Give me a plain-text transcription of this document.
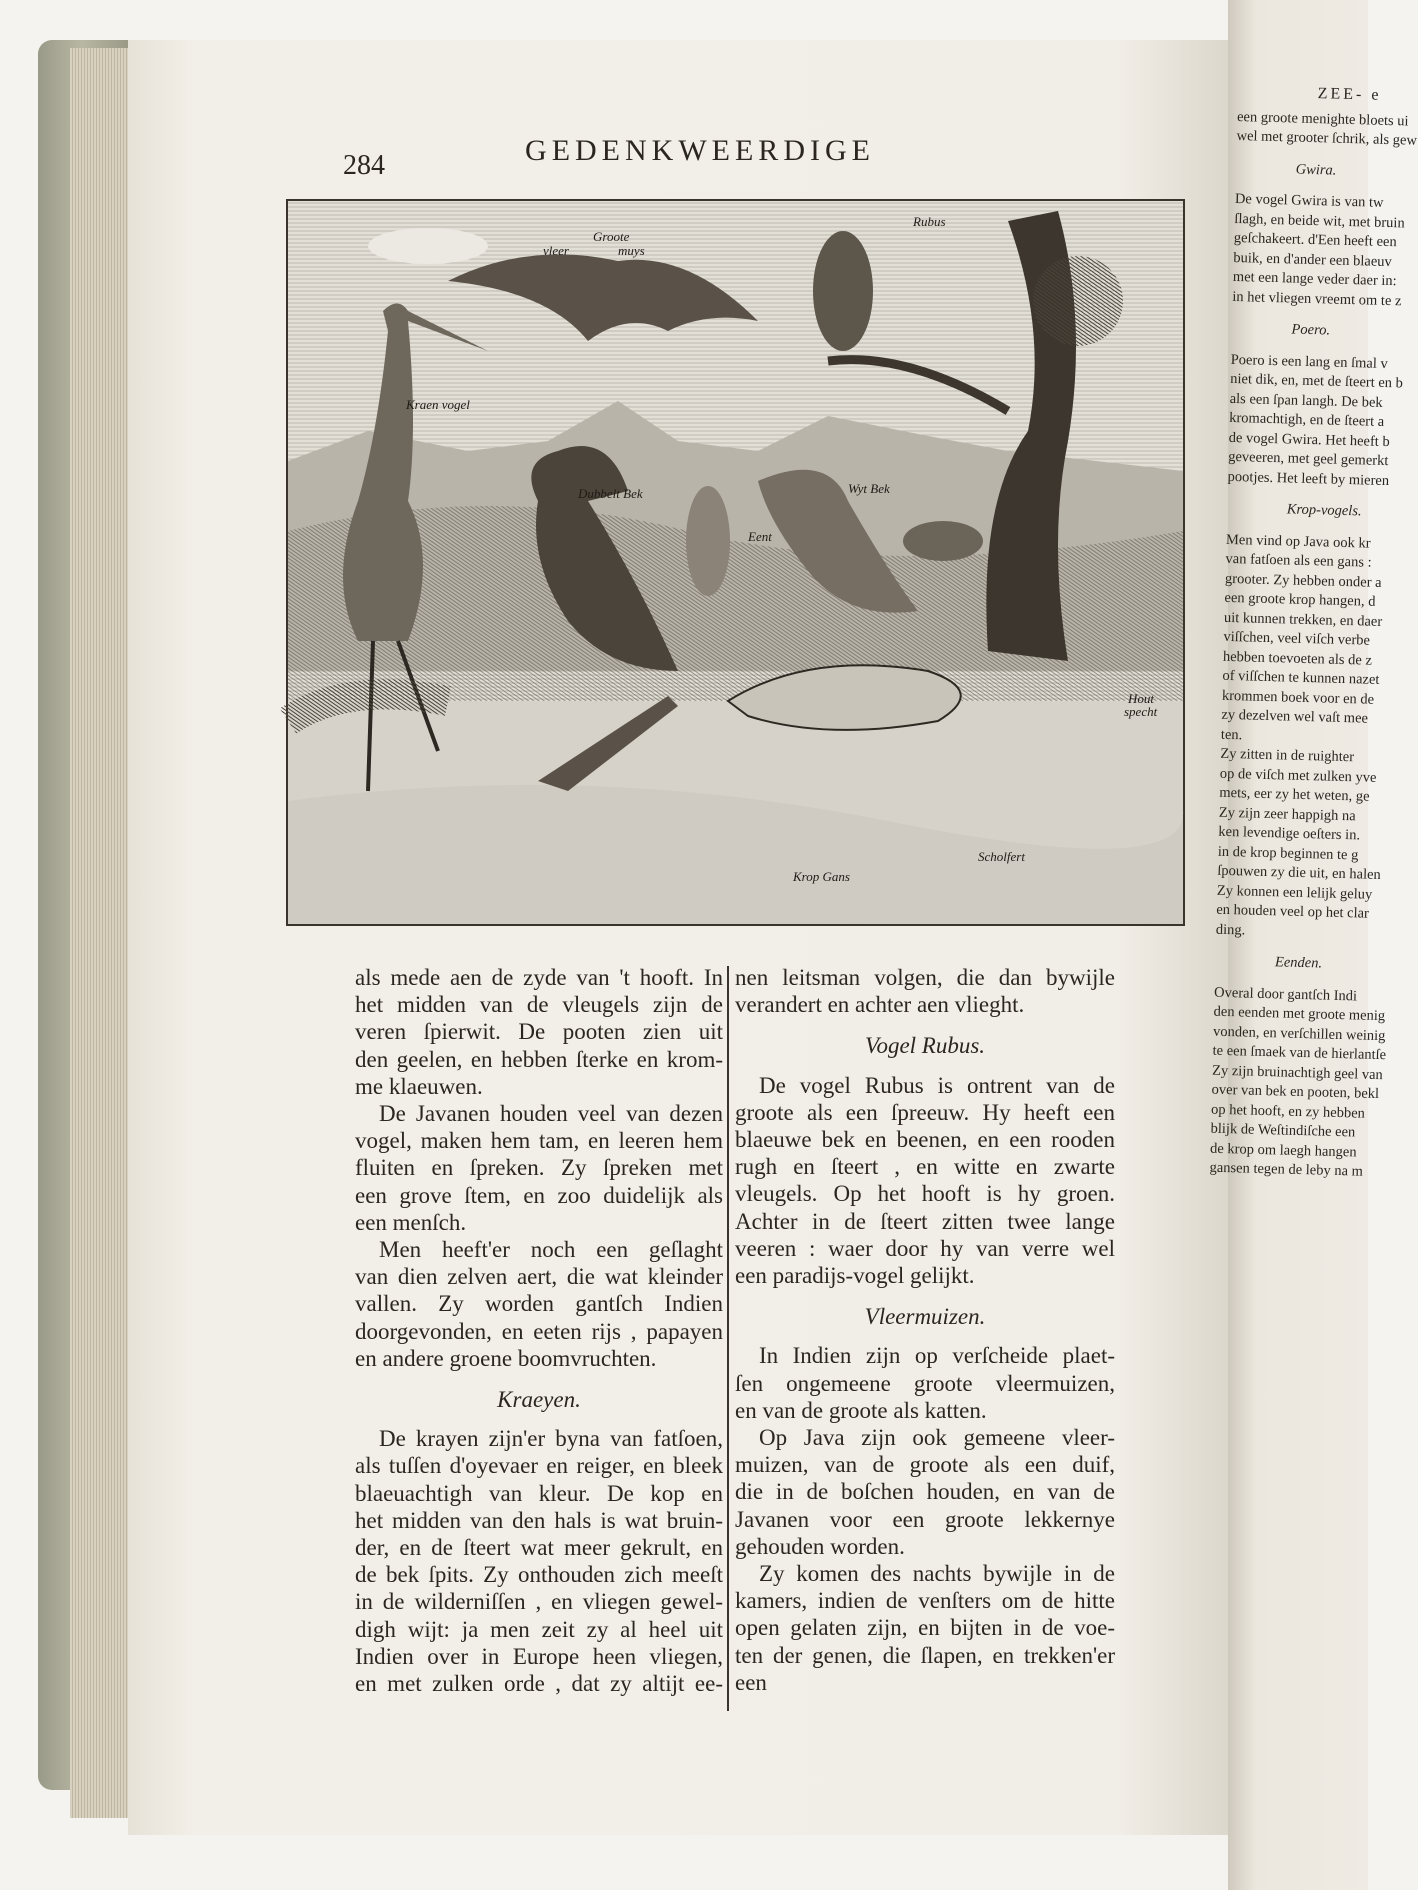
284	GEDENKWEERDIGE
Groote
vleer	muys
Rubus
Kraen vogel
Dubbelt Bek	Wyt Bek
Eent
Hout
specht
Krop Gans
Scholfert
als mede aen de zyde van 't hooft. In
het midden van de vleugels zijn de
veren ſpierwit. De pooten zien uit
den geelen, en hebben ſterke en krom-
me klaeuwen.
De Javanen houden veel van dezen
vogel, maken hem tam, en leeren hem
fluiten en ſpreken. Zy ſpreken met
een grove ſtem, en zoo duidelijk als
een menſch.
Men heeft'er noch een geſlaght
van dien zelven aert, die wat kleinder
vallen. Zy worden gantſch Indien
doorgevonden, en eeten rijs , papayen
en andere groene boomvruchten.
Kraeyen.
De krayen zijn'er byna van fatſoen,
als tuſſen d'oyevaer en reiger, en bleek
blaeuachtigh van kleur. De kop en
het midden van den hals is wat bruin-
der, en de ſteert wat meer gekrult, en
de bek ſpits. Zy onthouden zich meeſt
in de wilderniſſen , en vliegen gewel-
digh wijt: ja men zeit zy al heel uit
Indien over in Europe heen vliegen,
en met zulken orde , dat zy altijt ee-
nen leitsman volgen, die dan bywijle
verandert en achter aen vlieght.
Vogel Rubus.
De vogel Rubus is ontrent van de
groote als een ſpreeuw. Hy heeft een
blaeuwe bek en beenen, en een rooden
rugh en ſteert , en witte en zwarte
vleugels. Op het hooft is hy groen.
Achter in de ſteert zitten twee lange
veeren : waer door hy van verre wel
een paradijs-vogel gelijkt.
Vleermuizen.
In Indien zijn op verſcheide plaet-
ſen ongemeene groote vleermuizen,
en van de groote als katten.
Op Java zijn ook gemeene vleer-
muizen, van de groote als een duif,
die in de boſchen houden, en van de
Javanen voor een groote lekkernye
gehouden worden.
Zy komen des nachts bywijle in de
kamers, indien de venſters om de hitte
open gelaten zijn, en bijten in de voe-
ten der genen, die ſlapen, en trekken'er
een
ZEE- e
een groote menighte bloets ui
wel met grooter ſchrik, als gew
Gwira.
De vogel Gwira is van tw
ſlagh, en beide wit, met bruin
geſchakeert. d'Een heeft een
buik, en d'ander een blaeuv
met een lange veder daer in:
in het vliegen vreemt om te z
Poero.
Poero is een lang en ſmal v
niet dik, en, met de ſteert en b
als een ſpan langh. De bek
kromachtigh, en de ſteert a
de vogel Gwira. Het heeft b
geveeren, met geel gemerkt
pootjes. Het leeft by mieren
Krop-vogels.
Men vind op Java ook kr
van fatſoen als een gans :
grooter. Zy hebben onder a
een groote krop hangen, d
uit kunnen trekken, en daer
viſſchen, veel viſch verbe
hebben toevoeten als de z
of viſſchen te kunnen nazet
krommen boek voor en de
zy dezelven wel vaſt mee
ten.
Zy zitten in de ruighter
op de viſch met zulken yve
mets, eer zy het weten, ge
Zy zijn zeer happigh na
ken levendige oeſters in.
in de krop beginnen te g
ſpouwen zy die uit, en halen
Zy konnen een lelijk geluy
en houden veel op het clar
ding.
Eenden.
Overal door gantſch Indi
den eenden met groote menig
vonden, en verſchillen weinig
te een ſmaek van de hierlantſe
Zy zijn bruinachtigh geel van
over van bek en pooten, bekl
op het hooft, en zy hebben
blijk de Weſtindiſche een
de krop om laegh hangen
gansen tegen de leby na m
